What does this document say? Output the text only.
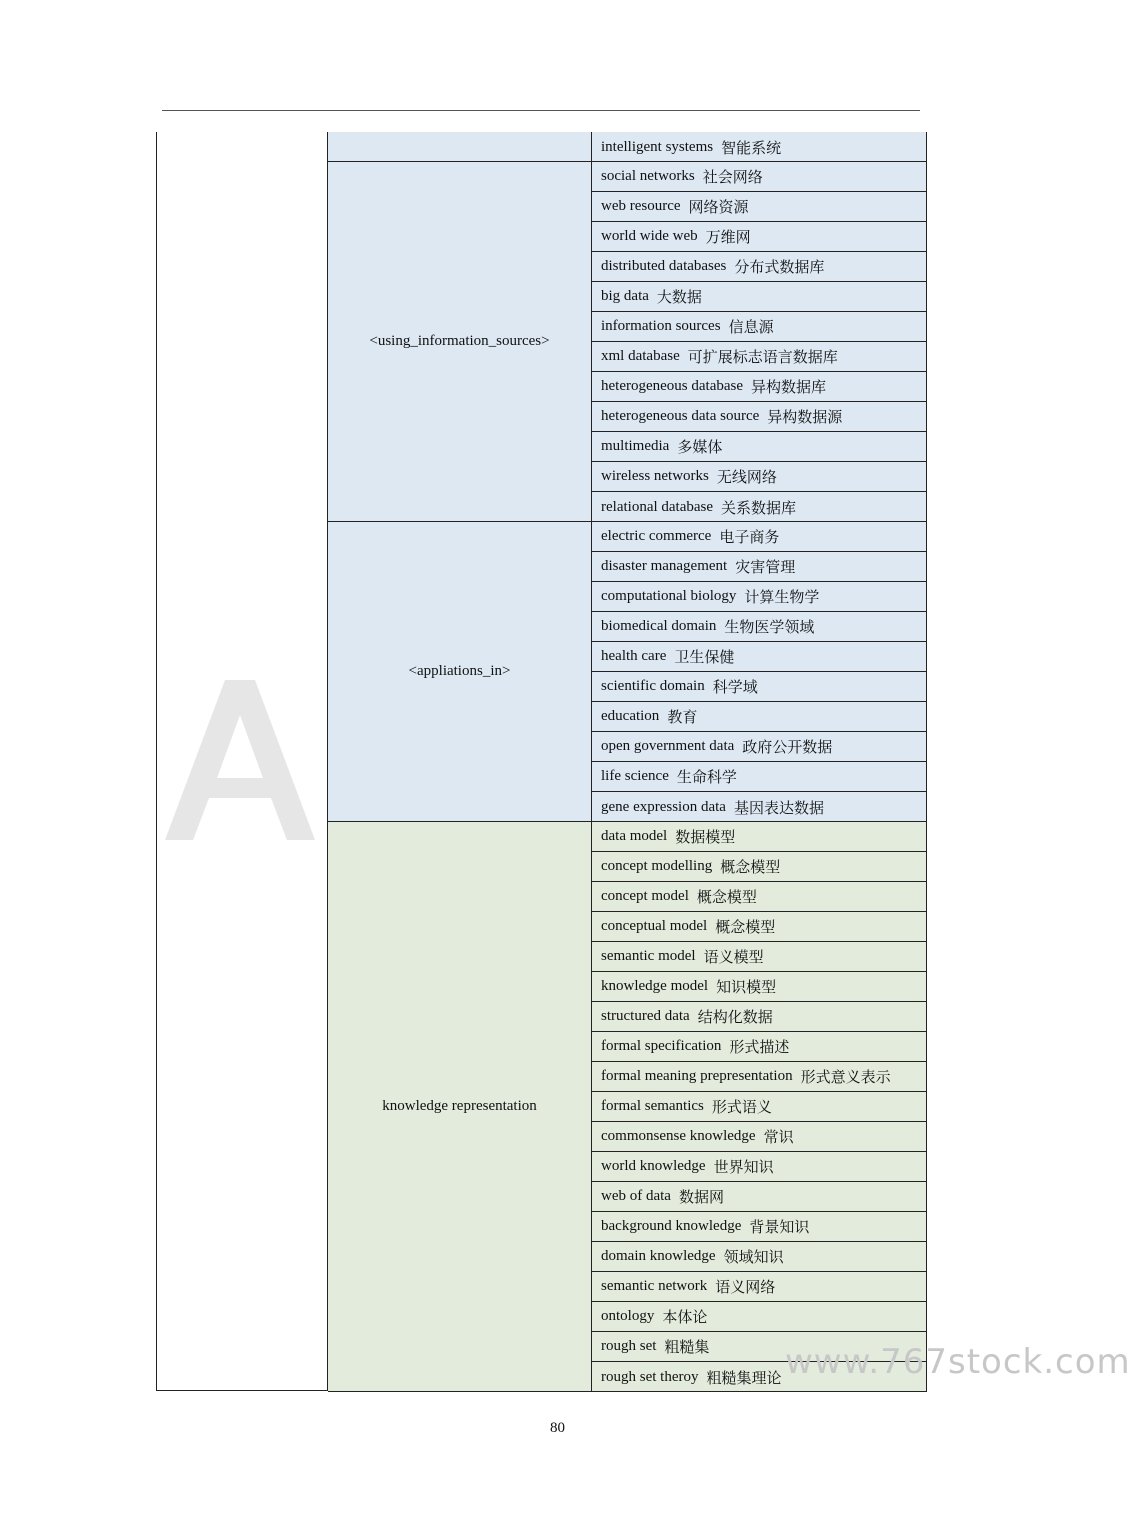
intelligent systems 智能系统
<using_information_sources>
social networks 社会网络
web resource 网络资源
world wide web 万维网
distributed databases 分布式数据库
big data 大数据
information sources 信息源
xml database 可扩展标志语言数据库
heterogeneous database 异构数据库
heterogeneous data source 异构数据源
multimedia 多媒体
wireless networks 无线网络
relational database 关系数据库
<appliations_in>
electric commerce 电子商务
disaster management 灾害管理
computational biology 计算生物学
biomedical domain 生物医学领域
health care 卫生保健
scientific domain 科学域
education 教育
open government data 政府公开数据
life science 生命科学
gene expression data 基因表达数据
knowledge representation
data model 数据模型
concept modelling 概念模型
concept model 概念模型
conceptual model 概念模型
semantic model 语义模型
knowledge model 知识模型
structured data 结构化数据
formal specification 形式描述
formal meaning prepresentation 形式意义表示
formal semantics 形式语义
commonsense knowledge 常识
world knowledge 世界知识
web of data 数据网
background knowledge 背景知识
domain knowledge 领域知识
semantic network 语义网络
ontology 本体论
rough set 粗糙集
rough set theroy 粗糙集理论 www.767stock.com
80
